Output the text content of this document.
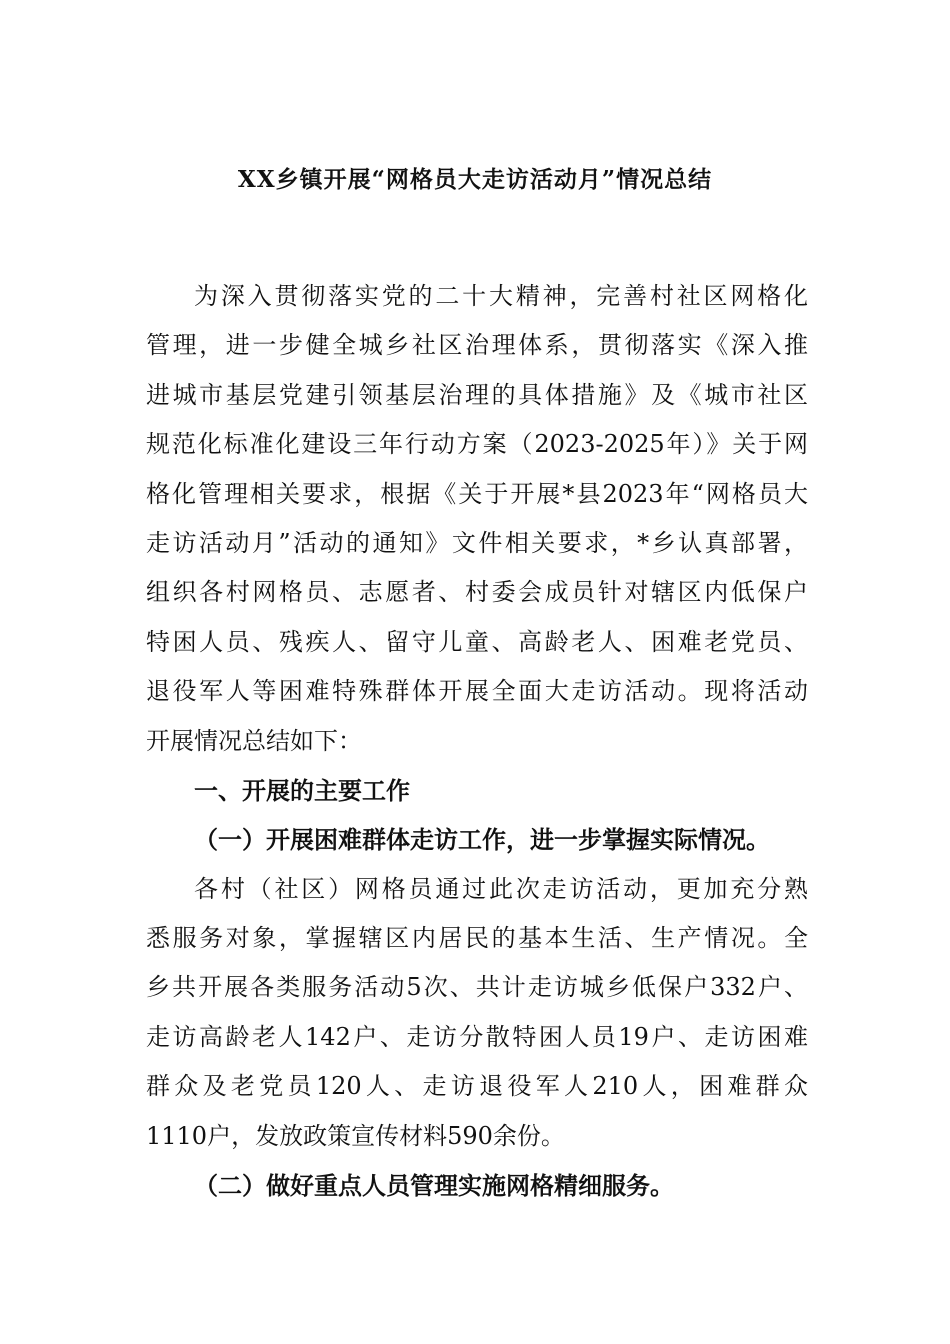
XX乡镇开展“网格员大走访活动月”情况总结
为深入贯彻落实党的二十大精神，完善村社区网格化
管理，进一步健全城乡社区治理体系，贯彻落实《深入推
进城市基层党建引领基层治理的具体措施》及《城市社区
规范化标准化建设三年行动方案（2023-2025年）》关于网
格化管理相关要求，根据《关于开展*县2023年“网格员大
走访活动月”活动的通知》文件相关要求，*乡认真部署，
组织各村网格员、志愿者、村委会成员针对辖区内低保户
特困人员、残疾人、留守儿童、高龄老人、困难老党员、
退役军人等困难特殊群体开展全面大走访活动。现将活动
开展情况总结如下：
一、开展的主要工作
（一）开展困难群体走访工作，进一步掌握实际情况。
各村（社区）网格员通过此次走访活动，更加充分熟
悉服务对象，掌握辖区内居民的基本生活、生产情况。全
乡共开展各类服务活动5次、共计走访城乡低保户332户、
走访高龄老人142户、走访分散特困人员19户、走访困难
群众及老党员120人、走访退役军人210人，困难群众
1110户，发放政策宣传材料590余份。
（二）做好重点人员管理实施网格精细服务。
